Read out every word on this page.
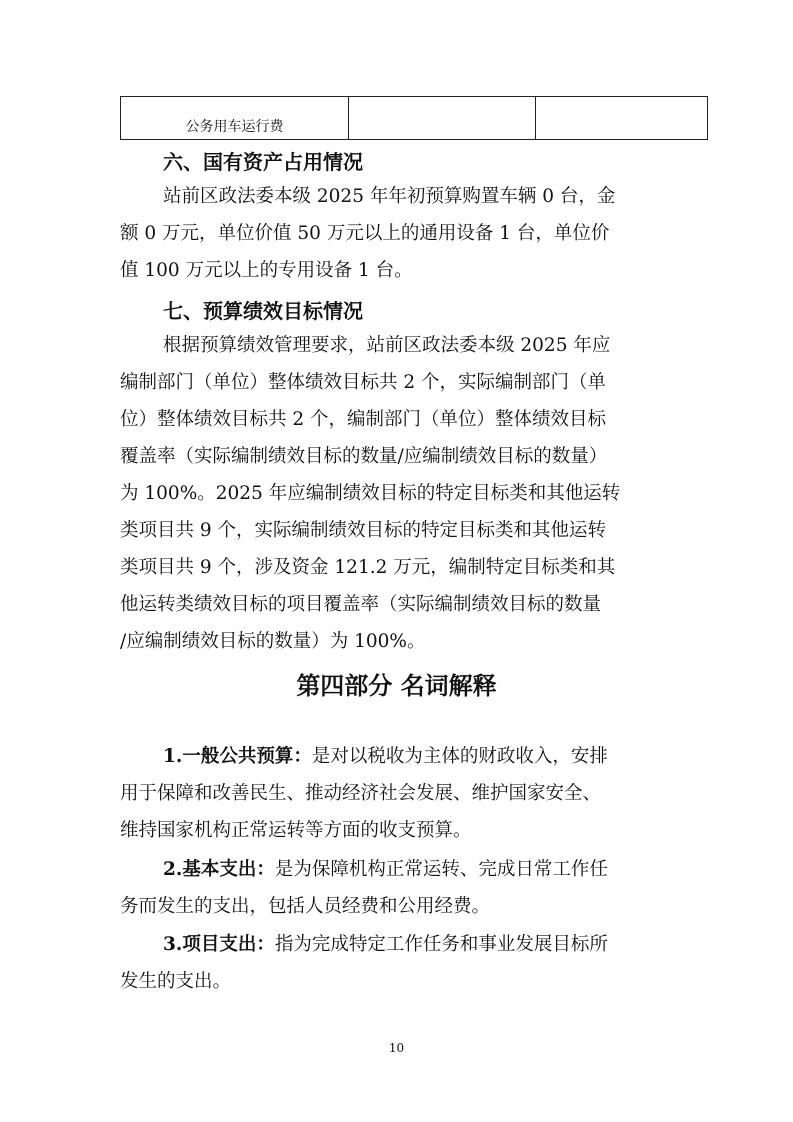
公务用车运行费		
六、国有资产占用情况
站前区政法委本级 2025 年年初预算购置车辆 0 台，金
额 0 万元，单位价值 50 万元以上的通用设备 1 台，单位价
值 100 万元以上的专用设备 1 台。
七、预算绩效目标情况
根据预算绩效管理要求，站前区政法委本级 2025 年应
编制部门（单位）整体绩效目标共 2 个，实际编制部门（单
位）整体绩效目标共 2 个，编制部门（单位）整体绩效目标
覆盖率（实际编制绩效目标的数量/应编制绩效目标的数量）
为 100%。2025 年应编制绩效目标的特定目标类和其他运转
类项目共 9 个，实际编制绩效目标的特定目标类和其他运转
类项目共 9 个，涉及资金 121.2 万元，编制特定目标类和其
他运转类绩效目标的项目覆盖率（实际编制绩效目标的数量
/应编制绩效目标的数量）为 100%。
第四部分 名词解释
1.一般公共预算：是对以税收为主体的财政收入，安排
用于保障和改善民生、推动经济社会发展、维护国家安全、
维持国家机构正常运转等方面的收支预算。
2.基本支出：是为保障机构正常运转、完成日常工作任
务而发生的支出，包括人员经费和公用经费。
3.项目支出：指为完成特定工作任务和事业发展目标所
发生的支出。
10
